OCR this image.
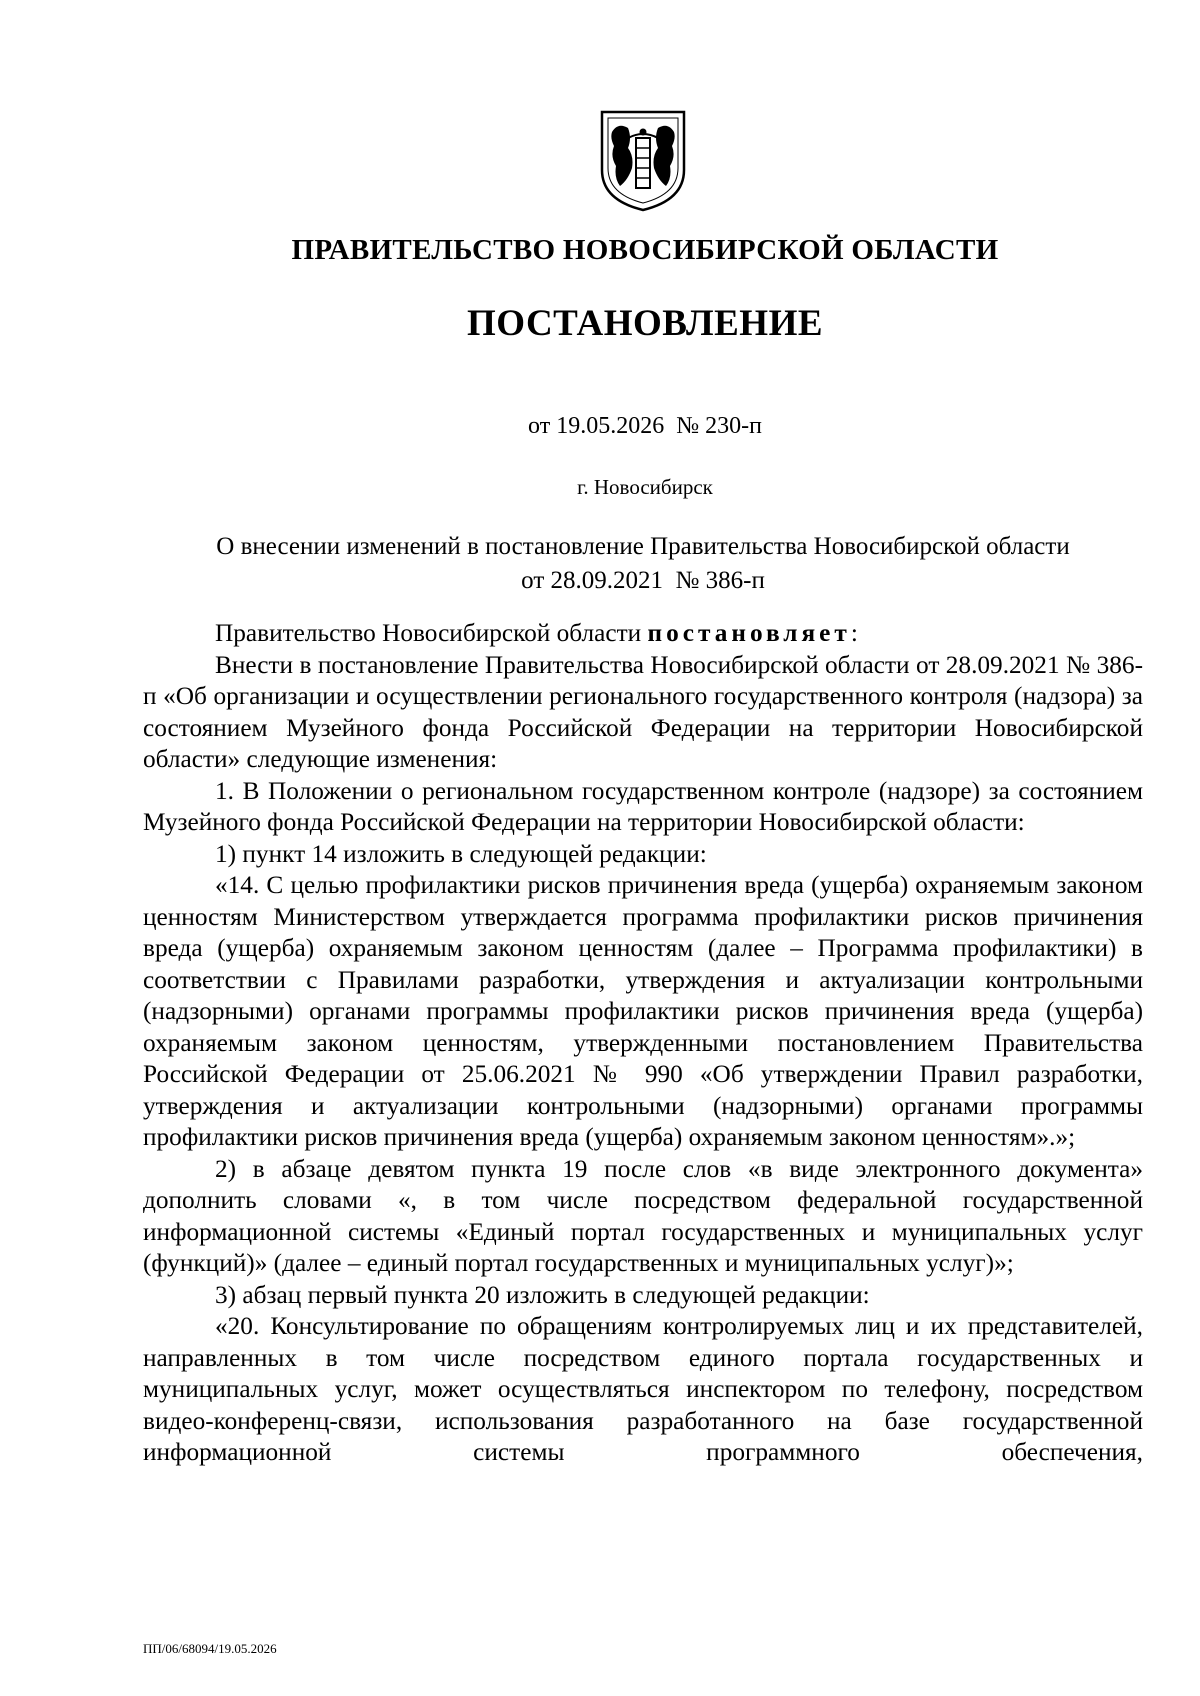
ПРАВИТЕЛЬСТВО НОВОСИБИРСКОЙ ОБЛАСТИ
ПОСТАНОВЛЕНИЕ
от 19.05.2026  № 230-п
г. Новосибирск
О внесении изменений в постановление Правительства Новосибирской области
от 28.09.2021  № 386-п

Правительство Новосибирской области постановляет:

Внести в постановление Правительства Новосибирской области от 28.09.2021 № 386-п «Об организации и осуществлении регионального государственного контроля (надзора) за состоянием Музейного фонда Российской Федерации на территории Новосибирской области» следующие изменения:

1. В Положении о региональном государственном контроле (надзоре) за состоянием Музейного фонда Российской Федерации на территории Новосибирской области:

1) пункт 14 изложить в следующей редакции:

«14. С целью профилактики рисков причинения вреда (ущерба) охраняемым законом ценностям Министерством утверждается программа профилактики рисков причинения вреда (ущерба) охраняемым законом ценностям (далее – Программа профилактики) в соответствии с Правилами разработки, утверждения и актуализации контрольными (надзорными) органами программы профилактики рисков причинения вреда (ущерба) охраняемым законом ценностям, утвержденными постановлением Правительства Российской Федерации от 25.06.2021 № 990 «Об утверждении Правил разработки, утверждения и актуализации контрольными (надзорными) органами программы профилактики рисков причинения вреда (ущерба) охраняемым законом ценностям».»;

2) в абзаце девятом пункта 19 после слов «в виде электронного документа» дополнить словами «, в том числе посредством федеральной государственной информационной системы «Единый портал государственных и муниципальных услуг (функций)» (далее – единый портал государственных и муниципальных услуг)»;

3) абзац первый пункта 20 изложить в следующей редакции:

«20. Консультирование по обращениям контролируемых лиц и их представителей, направленных в том числе посредством единого портала государственных и муниципальных услуг, может осуществляться инспектором по телефону, посредством видео-конференц-связи, использования разработанного на базе государственной информационной системы программного обеспечения,

ПП/06/68094/19.05.2026
